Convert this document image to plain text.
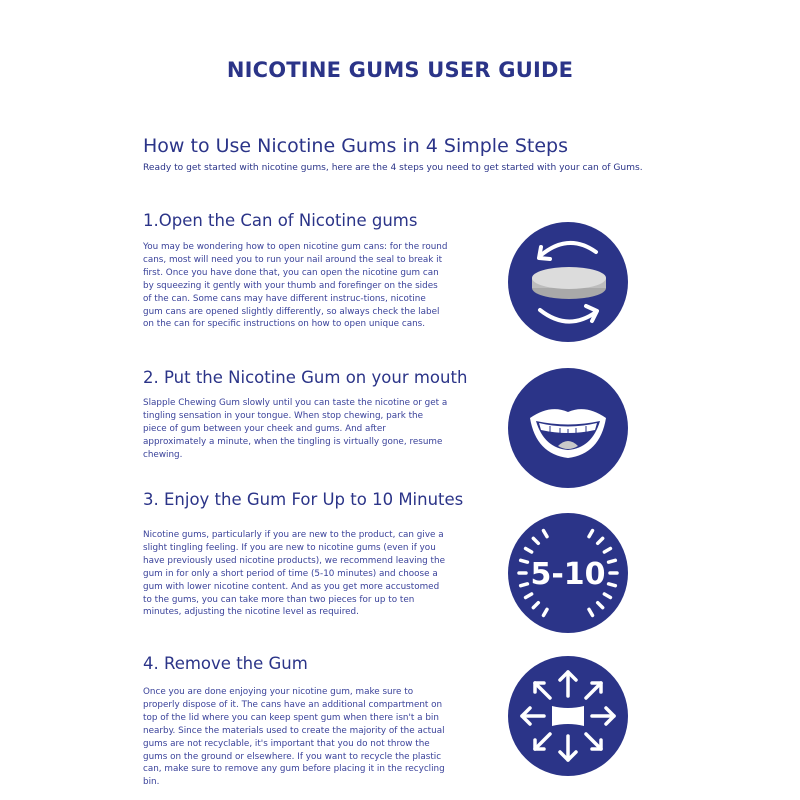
NICOTINE GUMS USER GUIDE
How to Use Nicotine Gums in 4 Simple Steps
Ready to get started with nicotine gums, here are the 4 steps you need to get started with your can of Gums.
1.Open the Can of Nicotine gums
You may be wondering how to open nicotine gum cans: for the round cans, most will need you to run your nail around the seal to break it first. Once you have done that, you can open the nicotine gum can by squeezing it gently with your thumb and forefinger on the sides of the can. Some cans may have different instruc-tions, nicotine gum cans are opened slightly differently, so always check the label on the can for specific instructions on how to open unique cans.
2. Put the Nicotine Gum on your mouth
Slapple Chewing Gum slowly until you can taste the nicotine or get a tingling sensation in your tongue. When stop chewing, park the piece of gum between your cheek and gums. And after approximately a minute, when the tingling is virtually gone, resume chewing.
3. Enjoy the Gum For Up to 10 Minutes
Nicotine gums, particularly if you are new to the product, can give a slight tingling feeling. If you are new to nicotine gums (even if you have previously used nicotine products), we recommend leaving the gum in for only a short period of time (5-10 minutes) and choose a gum with lower nicotine content. And as you get more accustomed to the gums, you can take more than two pieces for up to ten minutes, adjusting the nicotine level as required.
5-10
4. Remove the Gum
Once you are done enjoying your nicotine gum, make sure to properly dispose of it. The cans have an additional compartment on top of the lid where you can keep spent gum when there isn't a bin nearby. Since the materials used to create the majority of the actual gums are not recyclable, it's important that you do not throw the gums on the ground or elsewhere. If you want to recycle the plastic can, make sure to remove any gum before placing it in the recycling bin.
